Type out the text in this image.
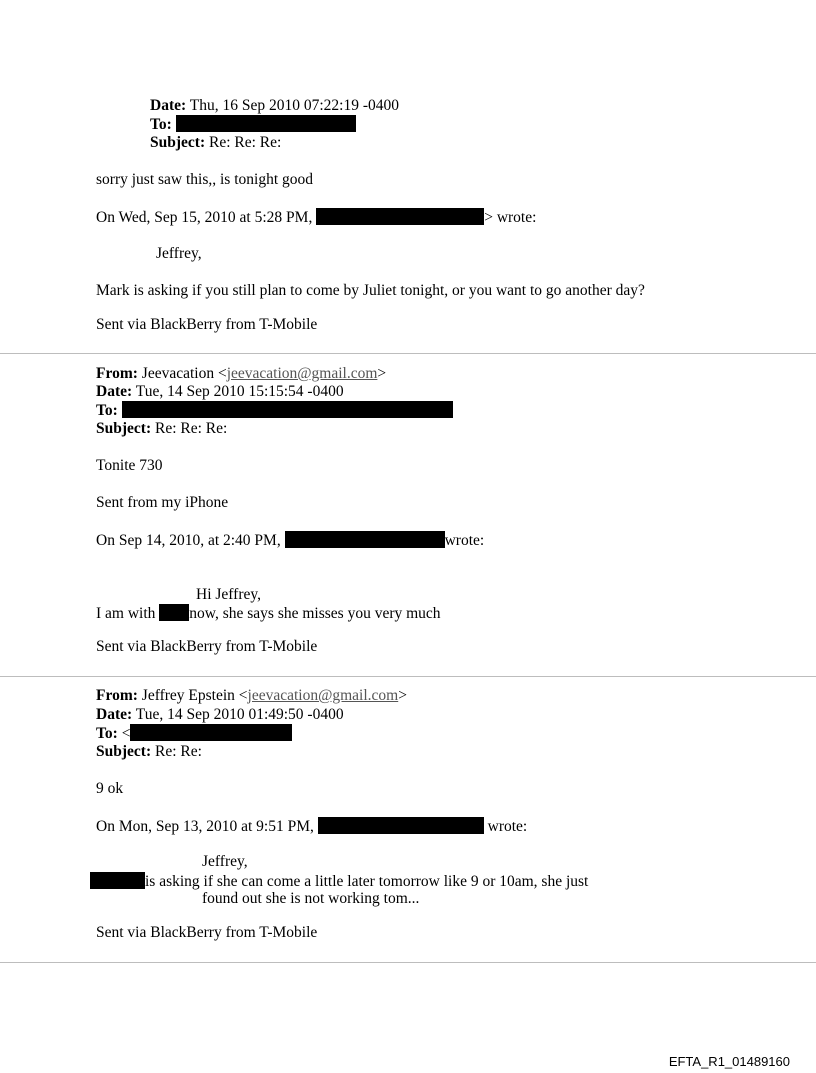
Date: Thu, 16 Sep 2010 07:22:19 -0400
To:
Subject: Re: Re: Re:
sorry just saw this,, is tonight good
On Wed, Sep 15, 2010 at 5:28 PM,	> wrote:
Jeffrey,
Mark is asking if you still plan to come by Juliet tonight, or you want to go another day?
Sent via BlackBerry from T-Mobile
From: Jeevacation <jeevacation@gmail.com>
Date: Tue, 14 Sep 2010 15:15:54 -0400
To:
Subject: Re: Re: Re:
Tonite 730
Sent from my iPhone
On Sep 14, 2010, at 2:40 PM,	wrote:
Hi Jeffrey,
I am with now, she says she misses you very much
Sent via BlackBerry from T-Mobile
From: Jeffrey Epstein <jeevacation@gmail.com>
Date: Tue, 14 Sep 2010 01:49:50 -0400
To: <
Subject: Re: Re:
9 ok
On Mon, Sep 13, 2010 at 9:51 PM,	wrote:
Jeffrey,
is asking if she can come a little later tomorrow like 9 or 10am, she just
found out she is not working tom...
Sent via BlackBerry from T-Mobile
EFTA_R1_01489160
